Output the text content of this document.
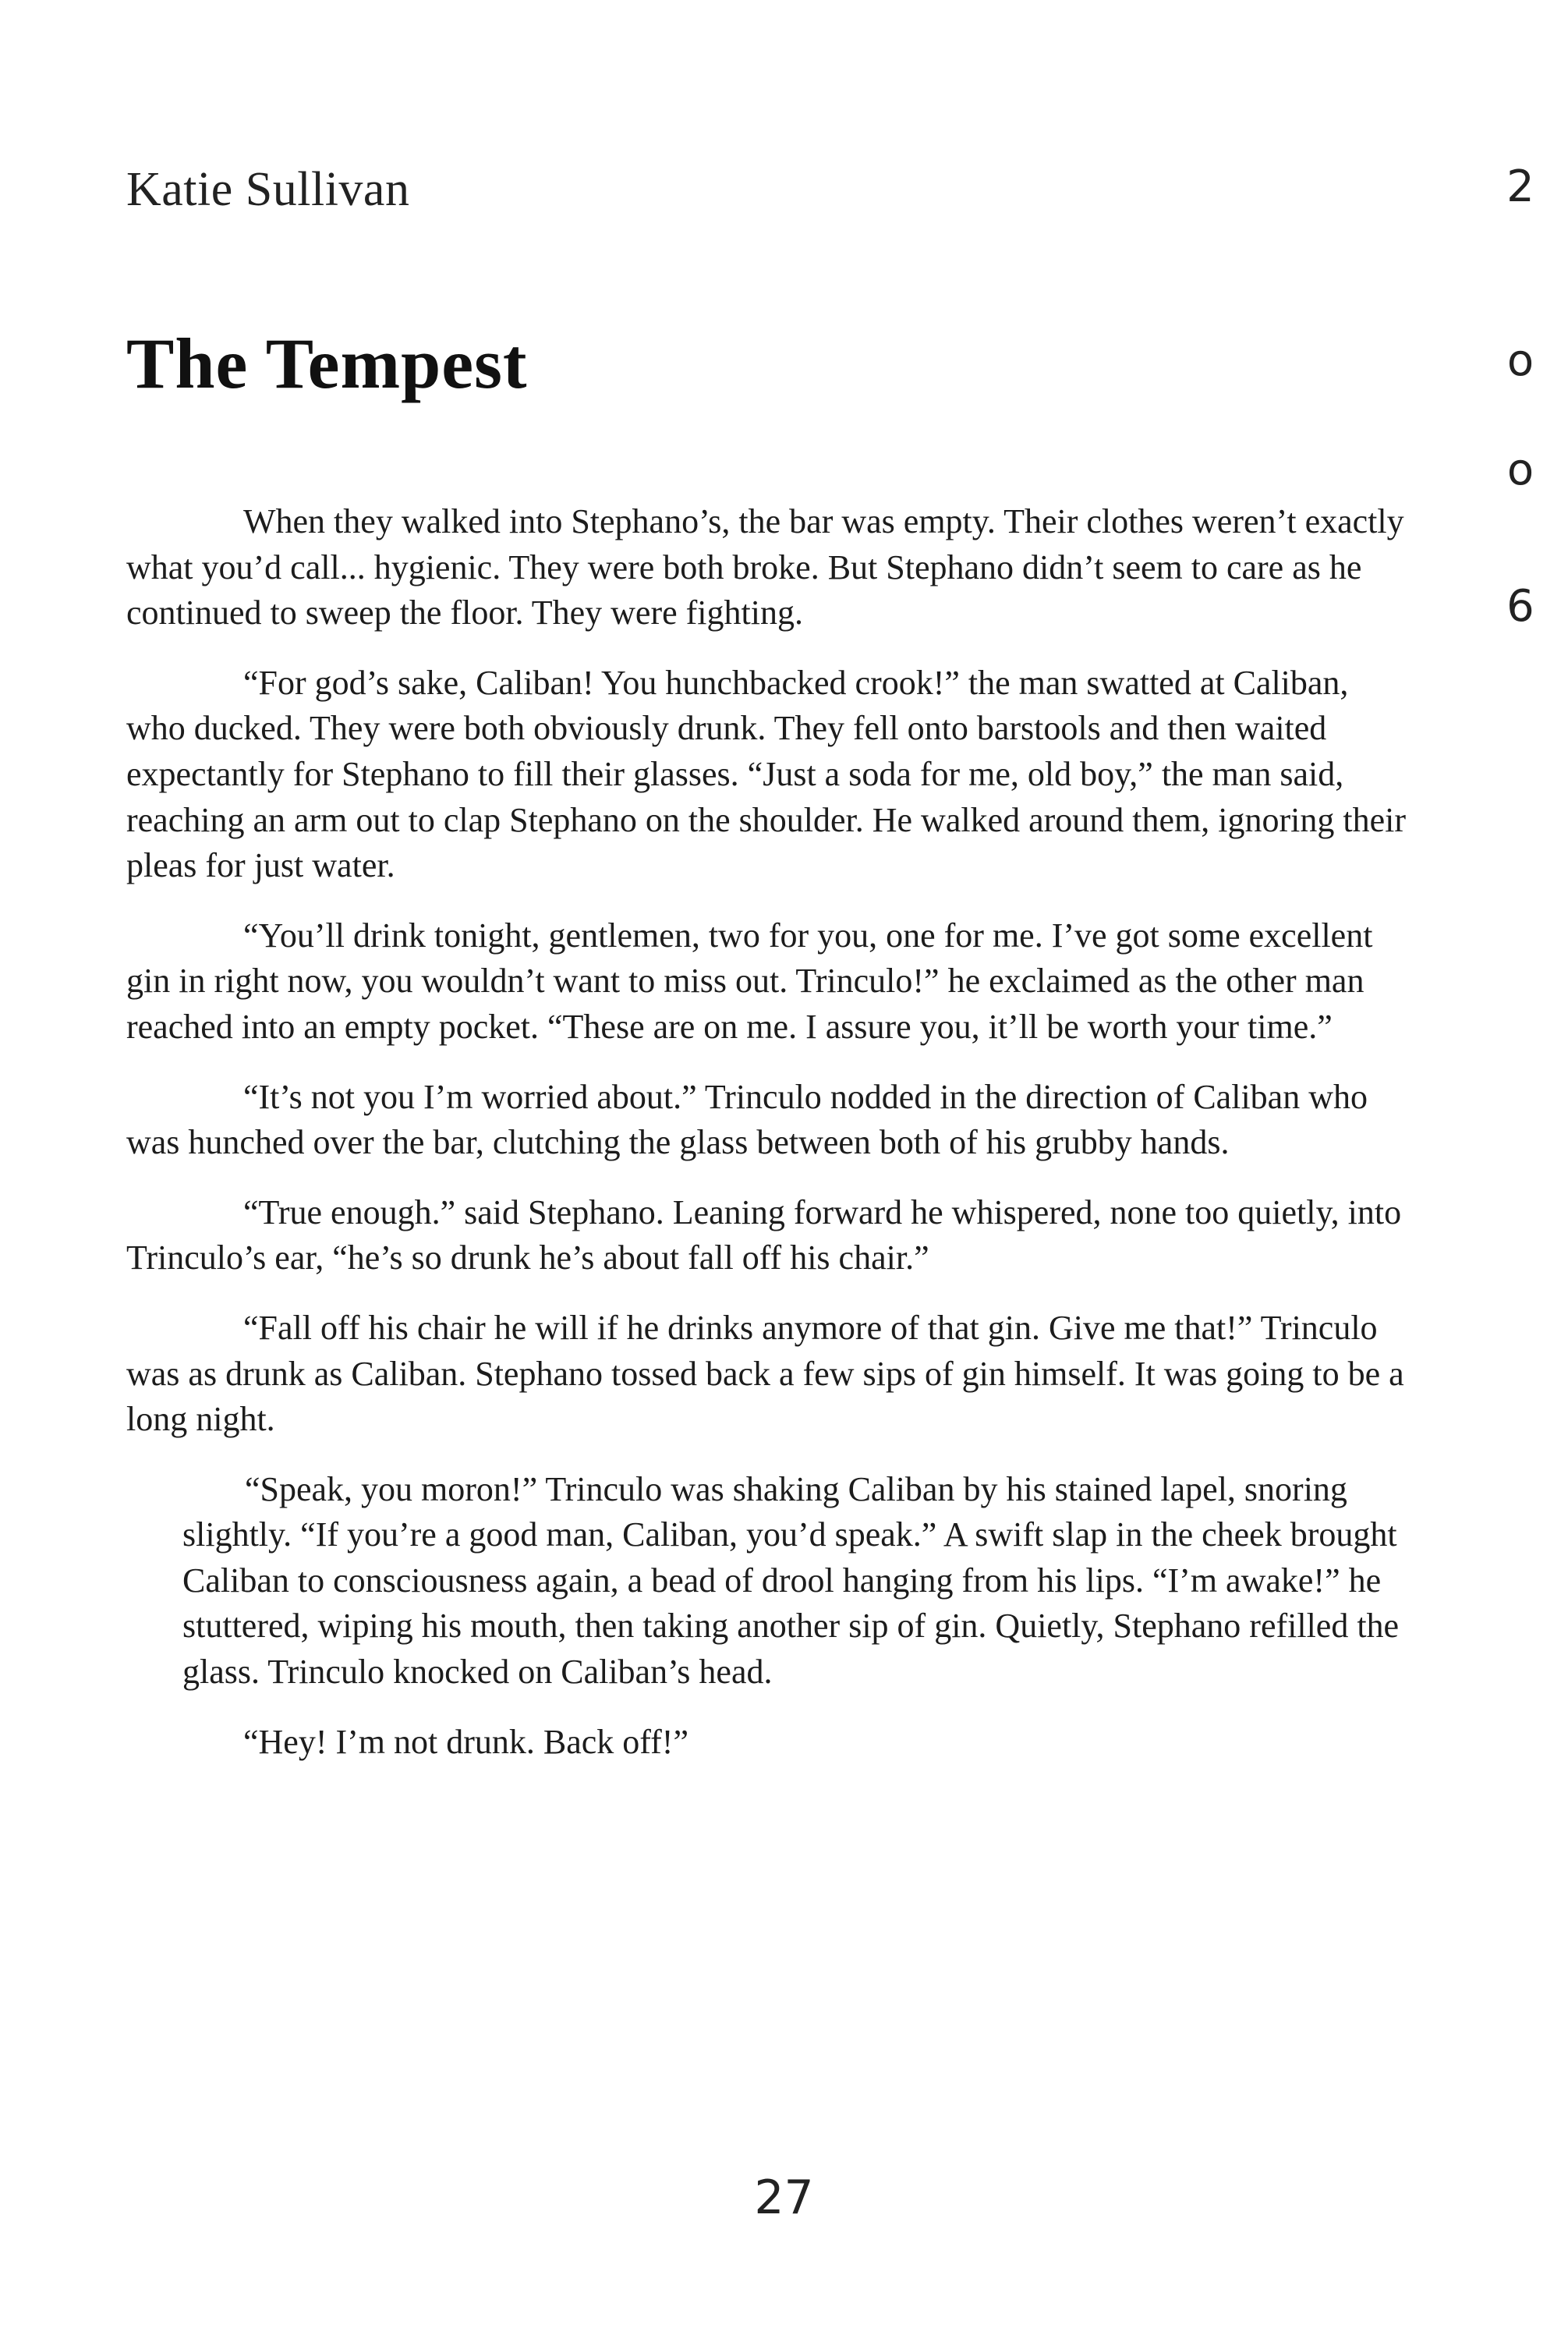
Katie Sullivan
The Tempest
2
o
o
6

When they walked into Stephano’s, the bar was empty. Their clothes weren’t exactly what you’d call... hygienic. They were both broke. But Stephano didn’t seem to care as he continued to sweep the floor. They were fighting.

“For god’s sake, Caliban! You hunchbacked crook!” the man swatted at Caliban, who ducked. They were both obviously drunk. They fell onto barstools and then waited expectantly for Stephano to fill their glasses. “Just a soda for me, old boy,” the man said, reaching an arm out to clap Stephano on the shoulder. He walked around them, ignoring their pleas for just water.

“You’ll drink tonight, gentlemen, two for you, one for me. I’ve got some excellent gin in right now, you wouldn’t want to miss out. Trinculo!” he exclaimed as the other man reached into an empty pocket. “These are on me. I assure you, it’ll be worth your time.”

“It’s not you I’m worried about.” Trinculo nodded in the direction of Caliban who was hunched over the bar, clutching the glass between both of his grubby hands.

“True enough.” said Stephano. Leaning forward he whispered, none too quietly, into Trinculo’s ear, “he’s so drunk he’s about fall off his chair.”

“Fall off his chair he will if he drinks anymore of that gin. Give me that!” Trinculo was as drunk as Caliban. Stephano tossed back a few sips of gin himself. It was going to be a long night.

“Speak, you moron!” Trinculo was shaking Caliban by his stained lapel, snoring slightly. “If you’re a good man, Caliban, you’d speak.” A swift slap in the cheek brought Caliban to consciousness again, a bead of drool hanging from his lips. “I’m awake!” he stuttered, wiping his mouth, then taking another sip of gin. Quietly, Stephano refilled the glass. Trinculo knocked on Caliban’s head.

“Hey! I’m not drunk. Back off!”

27
